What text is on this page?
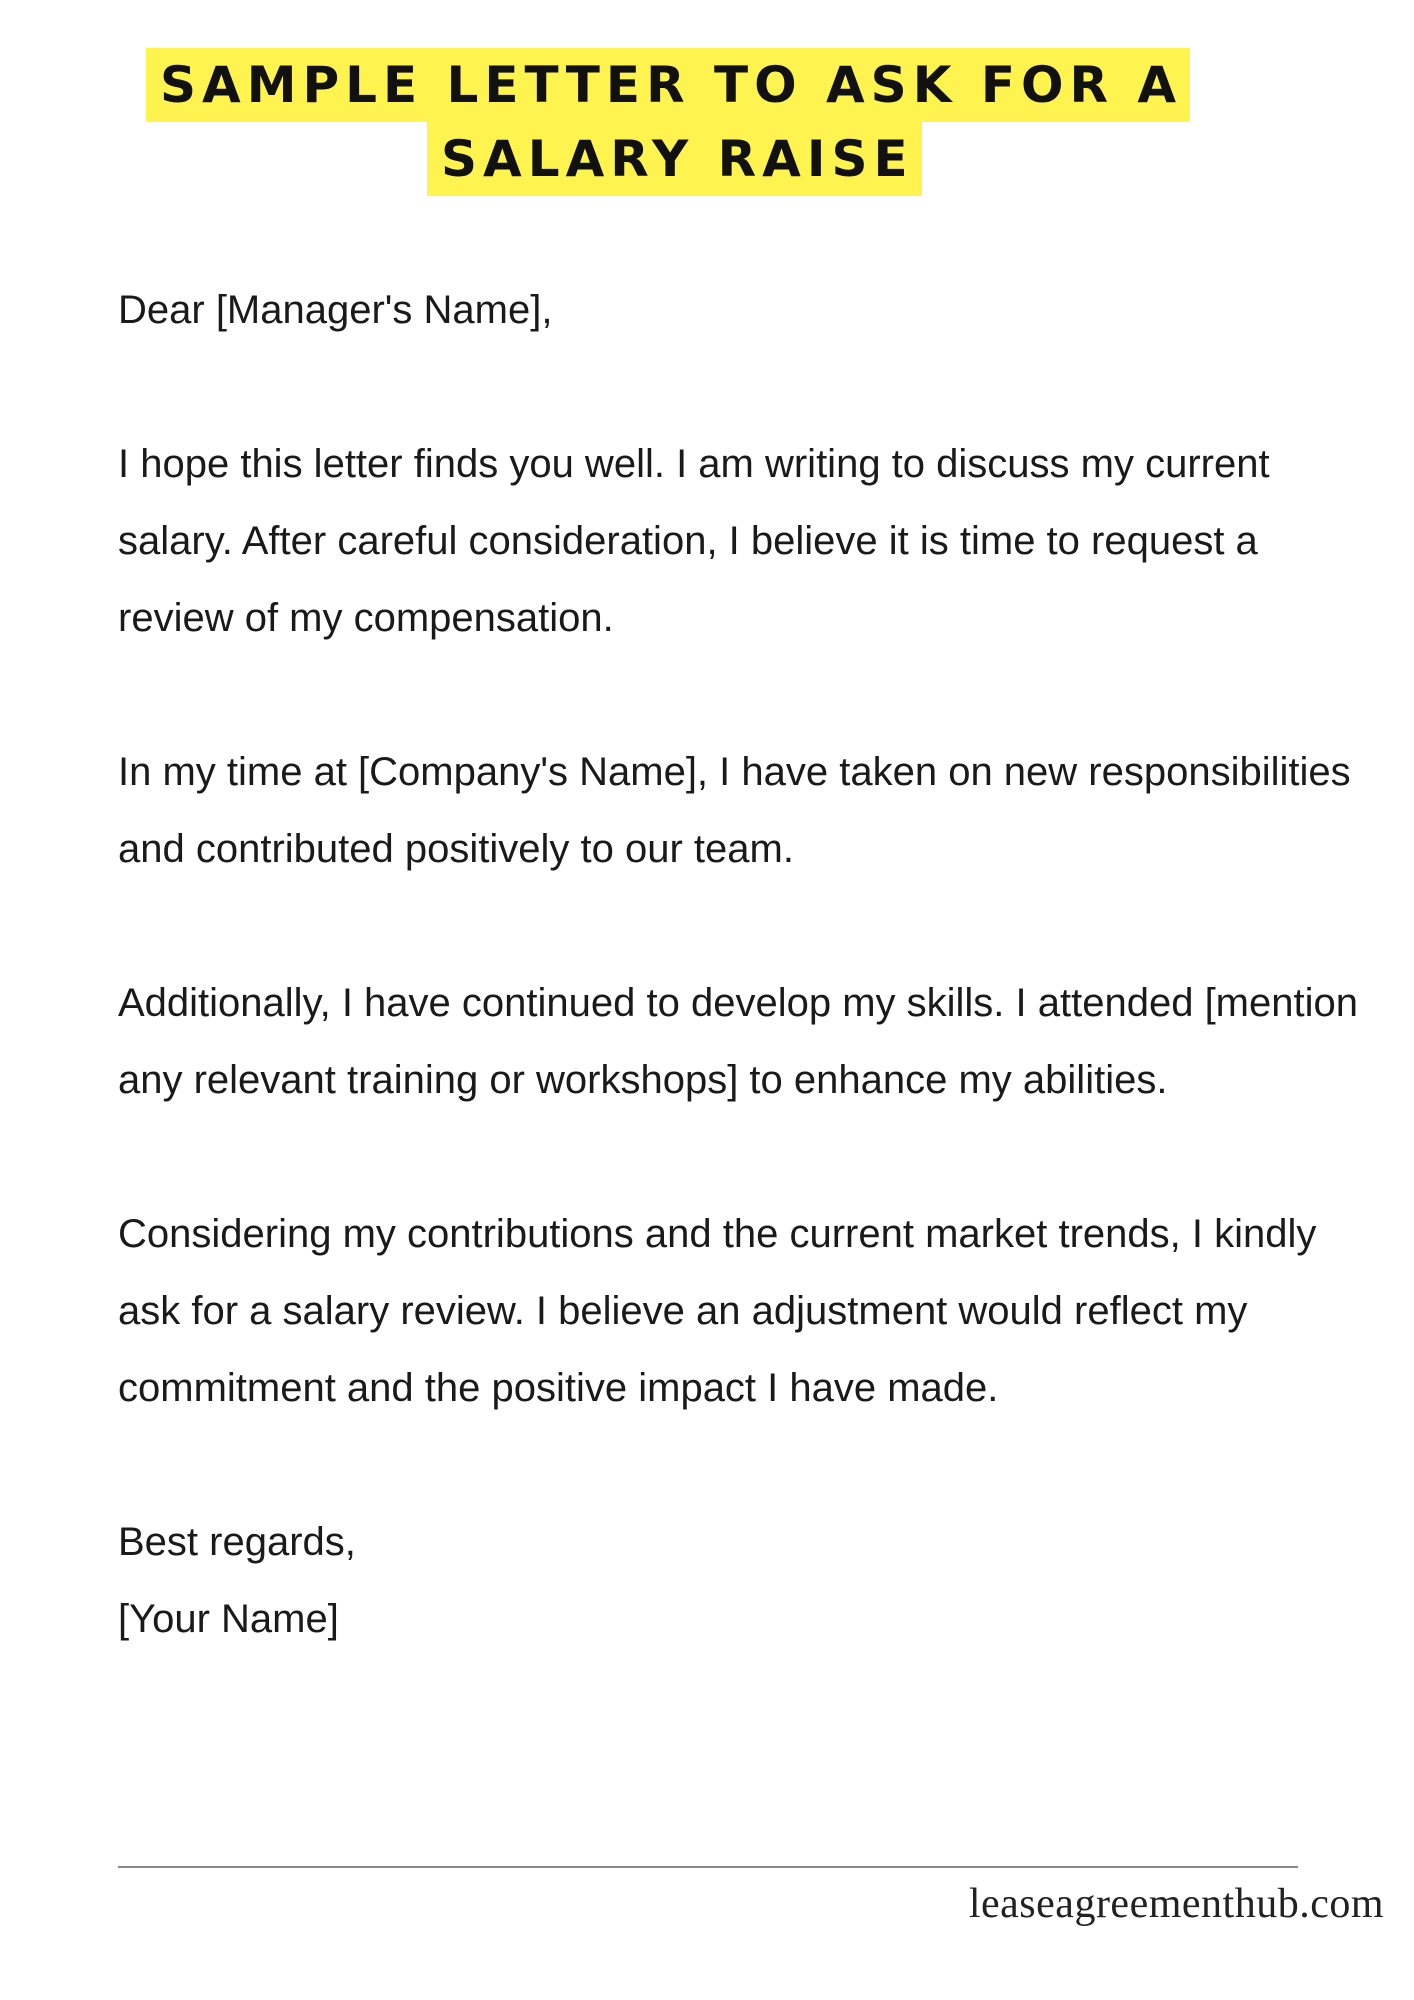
SAMPLE LETTER TO ASK FOR A
SALARY RAISE

Dear [Manager's Name],

I hope this letter finds you well. I am writing to discuss my current salary. After careful consideration, I believe it is time to request a review of my compensation.

In my time at [Company's Name], I have taken on new responsibilities and contributed positively to our team.

Additionally, I have continued to develop my skills. I attended [mention any relevant training or workshops] to enhance my abilities.

Considering my contributions and the current market trends, I kindly ask for a salary review. I believe an adjustment would reflect my commitment and the positive impact I have made.

Best regards,

[Your Name]

leaseagreementhub.com
